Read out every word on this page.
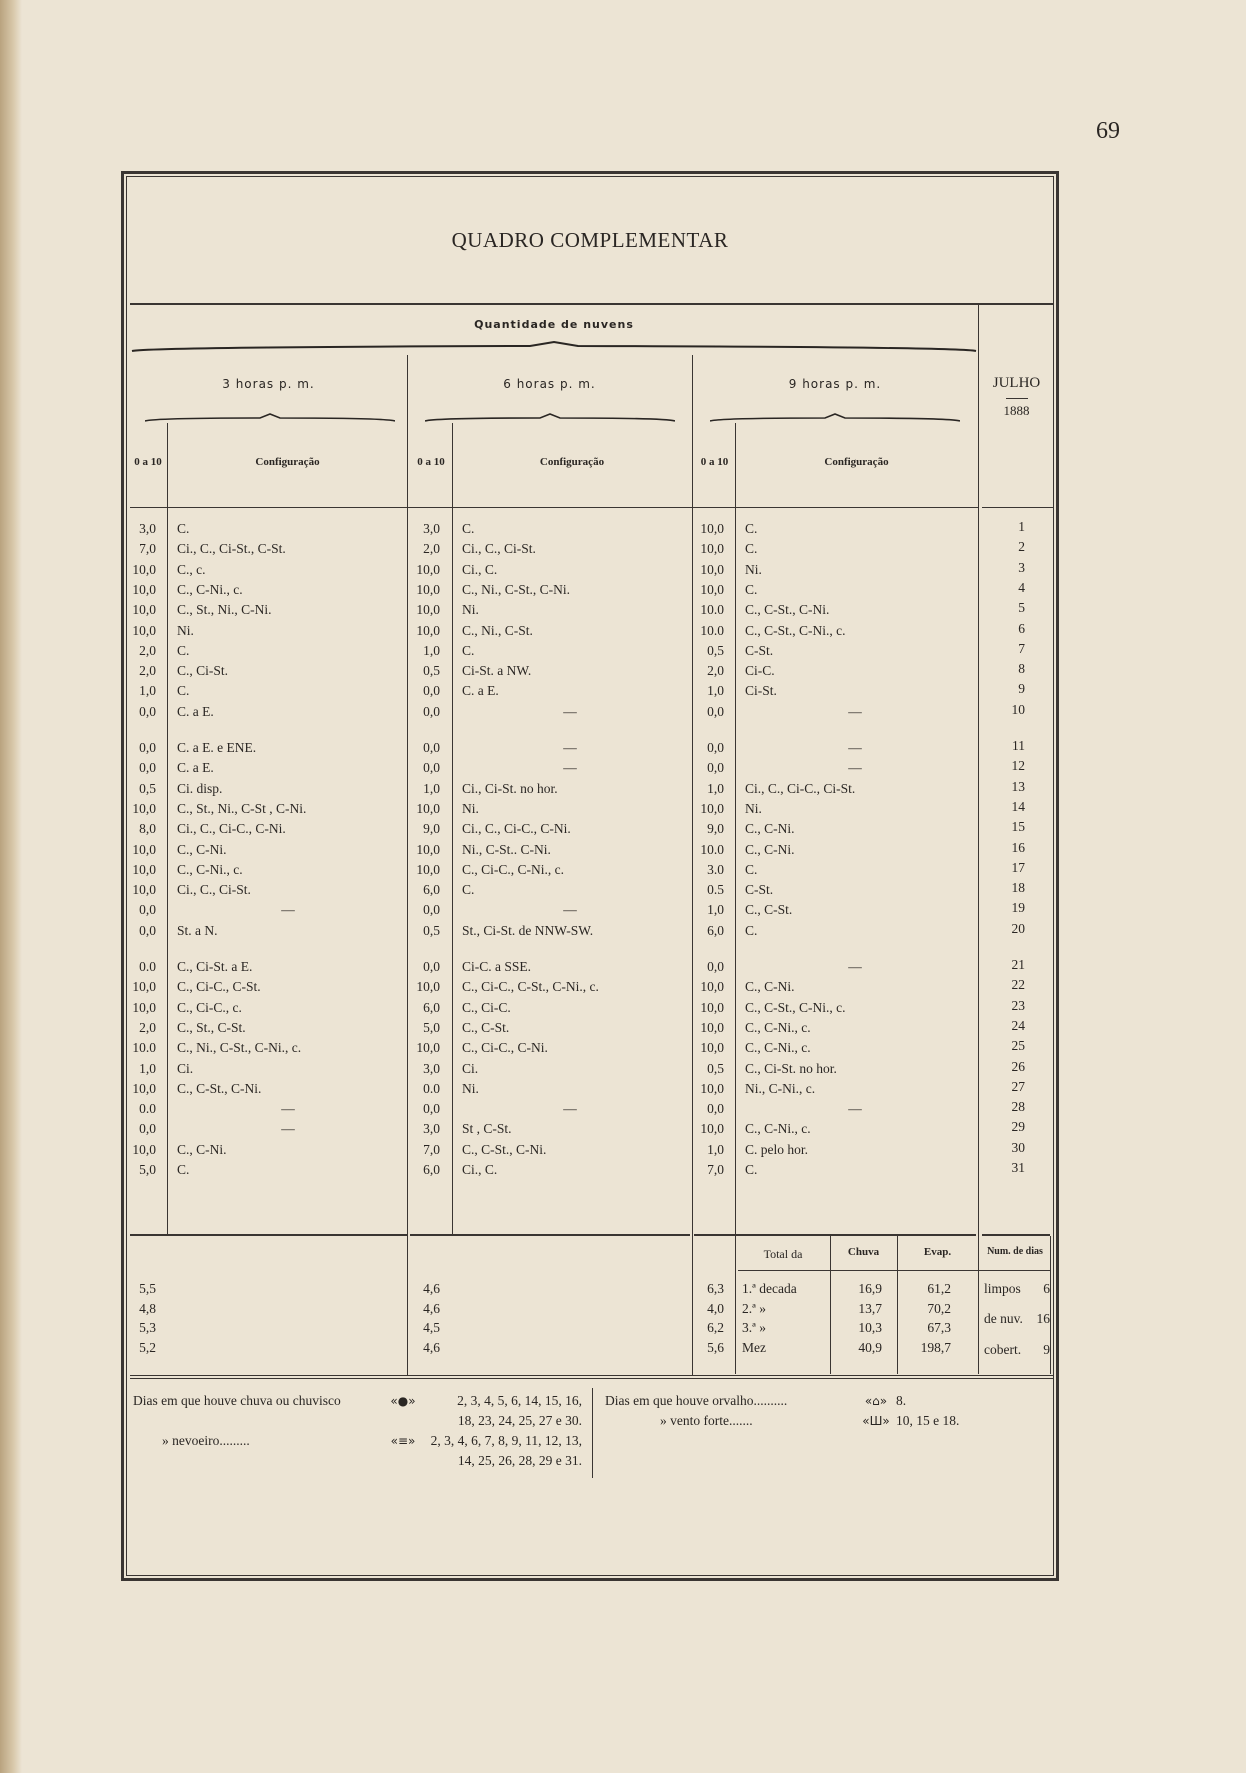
69
QUADRO COMPLEMENTAR
Quantidade de nuvens
3 horas p. m.	6 horas p. m.	9 horas p. m.	JULHO
1888
0 a 10	Configuração	0 a 10	Configuração	0 a 10	Configuração
3,0 C.	3,0 C.	10,0 C.	1
7,0 Ci., C., Ci-St., C-St.	2,0 Ci., C., Ci-St.	10,0 C.	2
10,0 C., c.	10,0 Ci., C.	10,0 Ni.	3
10,0 C., C-Ni., c.	10,0 C., Ni., C-St., C-Ni.	10,0 C.	4
10,0 C., St., Ni., C-Ni.	10,0 Ni.	10.0 C., C-St., C-Ni.	5
10,0 Ni.	10,0 C., Ni., C-St.	10.0 C., C-St., C-Ni., c.	6
2,0 C.	1,0 C.	0,5 C-St.	7
2,0 C., Ci-St.	0,5 Ci-St. a NW.	2,0 Ci-C.	8
1,0 C.	0,0 C. a E.	1,0 Ci-St.	9
0,0 C. a E.	0,0	—	0,0	—	10
0,0 C. a E. e ENE.	0,0	—	0,0	—	11
0,0 C. a E.	0,0	—	0,0	—	12
0,5 Ci. disp.	1,0 Ci., Ci-St. no hor.	1,0 Ci., C., Ci-C., Ci-St.	13
10,0 C., St., Ni., C-St , C-Ni.	10,0 Ni.	10,0 Ni.	14
8,0 Ci., C., Ci-C., C-Ni.	9,0 Ci., C., Ci-C., C-Ni.	9,0 C., C-Ni.	15
10,0 C., C-Ni.	10,0 Ni., C-St.. C-Ni.	10.0 C., C-Ni.	16
10,0 C., C-Ni., c.	10,0 C., Ci-C., C-Ni., c.	3.0 C.	17
10,0 Ci., C., Ci-St.	6,0 C.	0.5 C-St.	18
0,0	—	0,0	—	1,0 C., C-St.	19
0,0 St. a N.	0,5 St., Ci-St. de NNW-SW.	6,0 C.	20
0.0 C., Ci-St. a E.	0,0 Ci-C. a SSE.	0,0	—	21
10,0 C., Ci-C., C-St.	10,0 C., Ci-C., C-St., C-Ni., c.	10,0 C., C-Ni.	22
10,0 C., Ci-C., c.	6,0 C., Ci-C.	10,0 C., C-St., C-Ni., c.	23
2,0 C., St., C-St.	5,0 C., C-St.	10,0 C., C-Ni., c.	24
10.0 C., Ni., C-St., C-Ni., c.	10,0 C., Ci-C., C-Ni.	10,0 C., C-Ni., c.	25
1,0 Ci.	3,0 Ci.	0,5 C., Ci-St. no hor.	26
10,0 C., C-St., C-Ni.	0.0 Ni.	10,0 Ni., C-Ni., c.	27
0.0	—	0,0	—	0,0	—	28
0,0	—	3,0 St , C-St.	10,0 C., C-Ni., c.	29
10,0 C., C-Ni.	7,0 C., C-St., C-Ni.	1,0 C. pelo hor.	30
5,0 C.	6,0 Ci., C.	7,0 C.	31
Total da	Chuva	Evap.	Num. de dias
5,5	4,6	6,3 1.ª decada	16,9	61,2
4,8	4,6	4,0 2.ª »	13,7	70,2
5,3	4,5	6,2 3.ª »	10,3	67,3
5,2	4,6	5,6 Mez	40,9	198,7
limpos	6
de nuv.	16
cobert.	9
Dias em que houve chuva ou chuvisco	«●»	2, 3, 4, 5, 6, 14, 15, 16,
18, 23, 24, 25, 27 e 30.
» nevoeiro.........	«≡»	2, 3, 4, 6, 7, 8, 9, 11, 12, 13,
14, 25, 26, 28, 29 e 31.
Dias em que houve orvalho..........	«⌂» 8.
» vento forte.......	«Ш» 10, 15 e 18.
